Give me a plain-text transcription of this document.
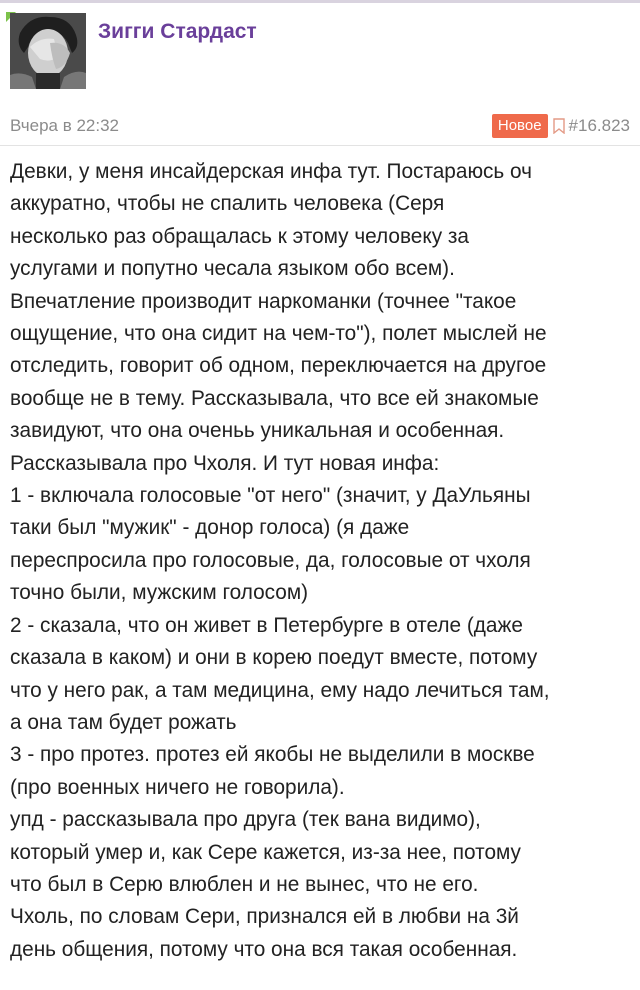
Зигги Стардаст
Вчера в 22:32	Новое	#16.823
Девки, у меня инсайдерская инфа тут. Постараюсь оч
аккуратно, чтобы не спалить человека (Серя
несколько раз обращалась к этому человеку за
услугами и попутно чесала языком обо всем).
Впечатление производит наркоманки (точнее "такое
ощущение, что она сидит на чем-то"), полет мыслей не
отследить, говорит об одном, переключается на другое
вообще не в тему. Рассказывала, что все ей знакомые
завидуют, что она оченьь уникальная и особенная.
Рассказывала про Чхоля. И тут новая инфа:
1 - включала голосовые "от него" (значит, у ДаУльяны
таки был "мужик" - донор голоса) (я даже
переспросила про голосовые, да, голосовые от чхоля
точно были, мужским голосом)
2 - сказала, что он живет в Петербурге в отеле (даже
сказала в каком) и они в корею поедут вместе, потому
что у него рак, а там медицина, ему надо лечиться там,
а она там будет рожать
3 - про протез. протез ей якобы не выделили в москве
(про военных ничего не говорила).
упд - рассказывала про друга (тек вана видимо),
который умер и, как Сере кажется, из-за нее, потому
что был в Серю влюблен и не вынес, что не его.
Чхоль, по словам Сери, признался ей в любви на 3й
день общения, потому что она вся такая особенная.
